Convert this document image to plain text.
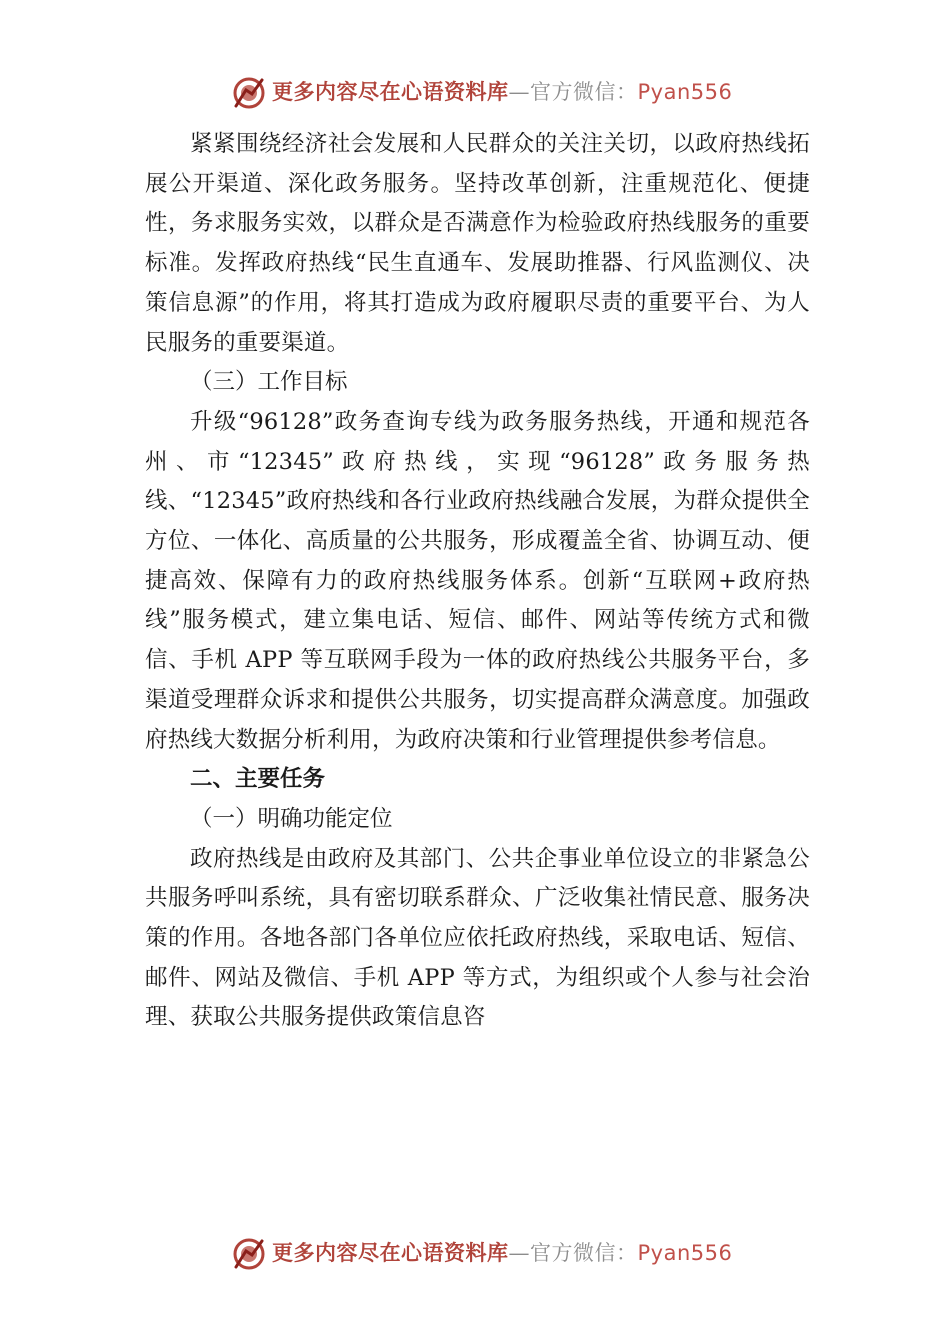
更多内容尽在心语资料库—官方微信：Pyan556

紧紧围绕经济社会发展和人民群众的关注关切，以政府热线拓展公开渠道、深化政务服务。坚持改革创新，注重规范化、便捷性，务求服务实效，以群众是否满意作为检验政府热线服务的重要标准。发挥政府热线“民生直通车、发展助推器、行风监测仪、决策信息源”的作用，将其打造成为政府履职尽责的重要平台、为人民服务的重要渠道。

（三）工作目标

升级“96128”政务查询专线为政务服务热线，开通和规范各州、市“12345”政府热线，实现“96128”政务服务热线、“12345”政府热线和各行业政府热线融合发展，为群众提供全方位、一体化、高质量的公共服务，形成覆盖全省、协调互动、便捷高效、保障有力的政府热线服务体系。创新“互联网+政府热线”服务模式，建立集电话、短信、邮件、网站等传统方式和微信、手机 APP 等互联网手段为一体的政府热线公共服务平台，多渠道受理群众诉求和提供公共服务，切实提高群众满意度。加强政府热线大数据分析利用，为政府决策和行业管理提供参考信息。

二、主要任务

（一）明确功能定位

政府热线是由政府及其部门、公共企事业单位设立的非紧急公共服务呼叫系统，具有密切联系群众、广泛收集社情民意、服务决策的作用。各地各部门各单位应依托政府热线，采取电话、短信、邮件、网站及微信、手机 APP 等方式，为组织或个人参与社会治理、获取公共服务提供政策信息咨

更多内容尽在心语资料库—官方微信：Pyan556
